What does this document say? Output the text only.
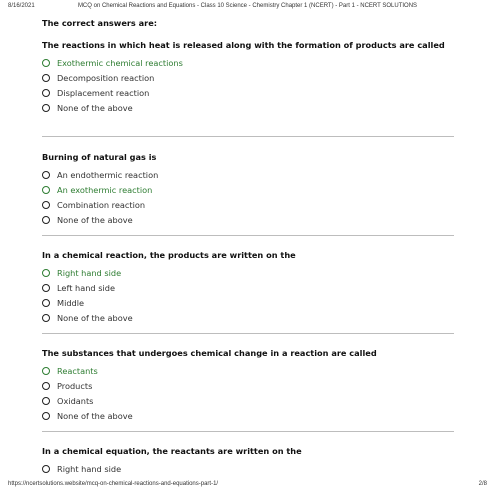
8/16/2021	MCQ on Chemical Reactions and Equations - Class 10 Science - Chemistry Chapter 1 (NCERT) - Part 1 - NCERT SOLUTIONS
The correct answers are:
The reactions in which heat is released along with the formation of products are called
Exothermic chemical reactions
Decomposition reaction
Displacement reaction
None of the above
Burning of natural gas is
An endothermic reaction
An exothermic reaction
Combination reaction
None of the above
In a chemical reaction, the products are written on the
Right hand side
Left hand side
Middle
None of the above
The substances that undergoes chemical change in a reaction are called
Reactants
Products
Oxidants
None of the above
In a chemical equation, the reactants are written on the
Right hand side
https://ncertsolutions.website/mcq-on-chemical-reactions-and-equations-part-1/	2/8
